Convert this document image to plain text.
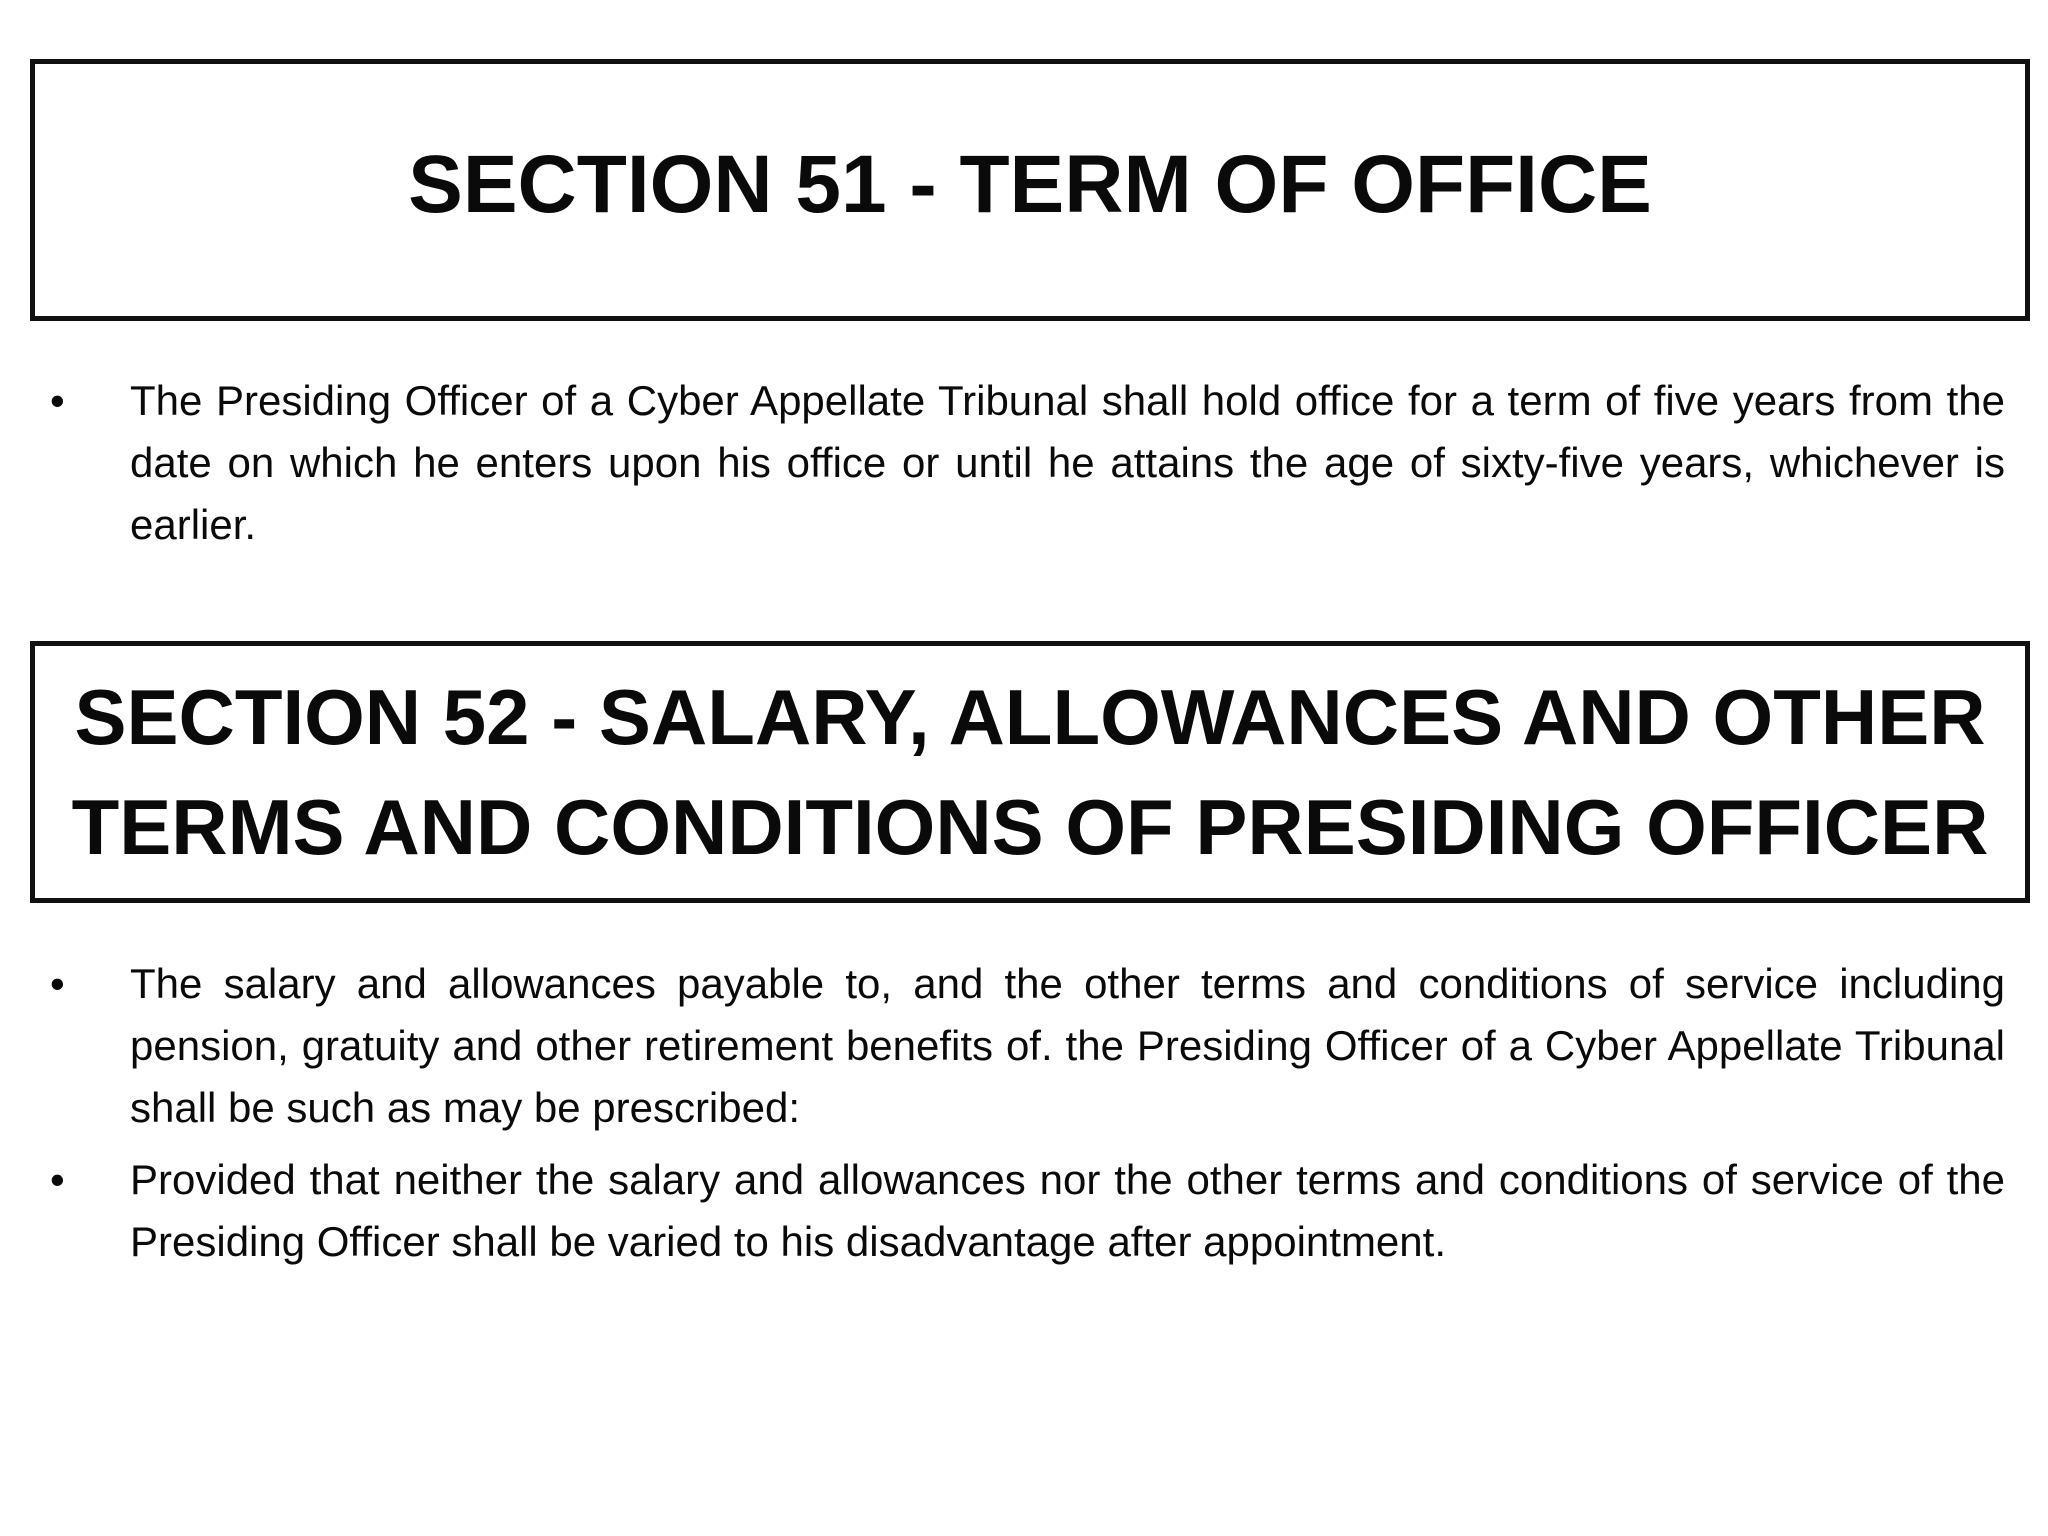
SECTION 51 - TERM OF OFFICE
•	The Presiding Officer of a Cyber Appellate Tribunal shall hold office for a term of five years from the date on which he enters upon his office or until he attains the age of sixty-five years, whichever is earlier.
SECTION 52 - SALARY, ALLOWANCES AND OTHER TERMS AND CONDITIONS OF PRESIDING OFFICER
•	The salary and allowances payable to, and the other terms and conditions of service including pension, gratuity and other retirement benefits of. the Presiding Officer of a Cyber Appellate Tribunal shall be such as may be prescribed:
•	Provided that neither the salary and allowances nor the other terms and conditions of service of the Presiding Officer shall be varied to his disadvantage after appointment.
